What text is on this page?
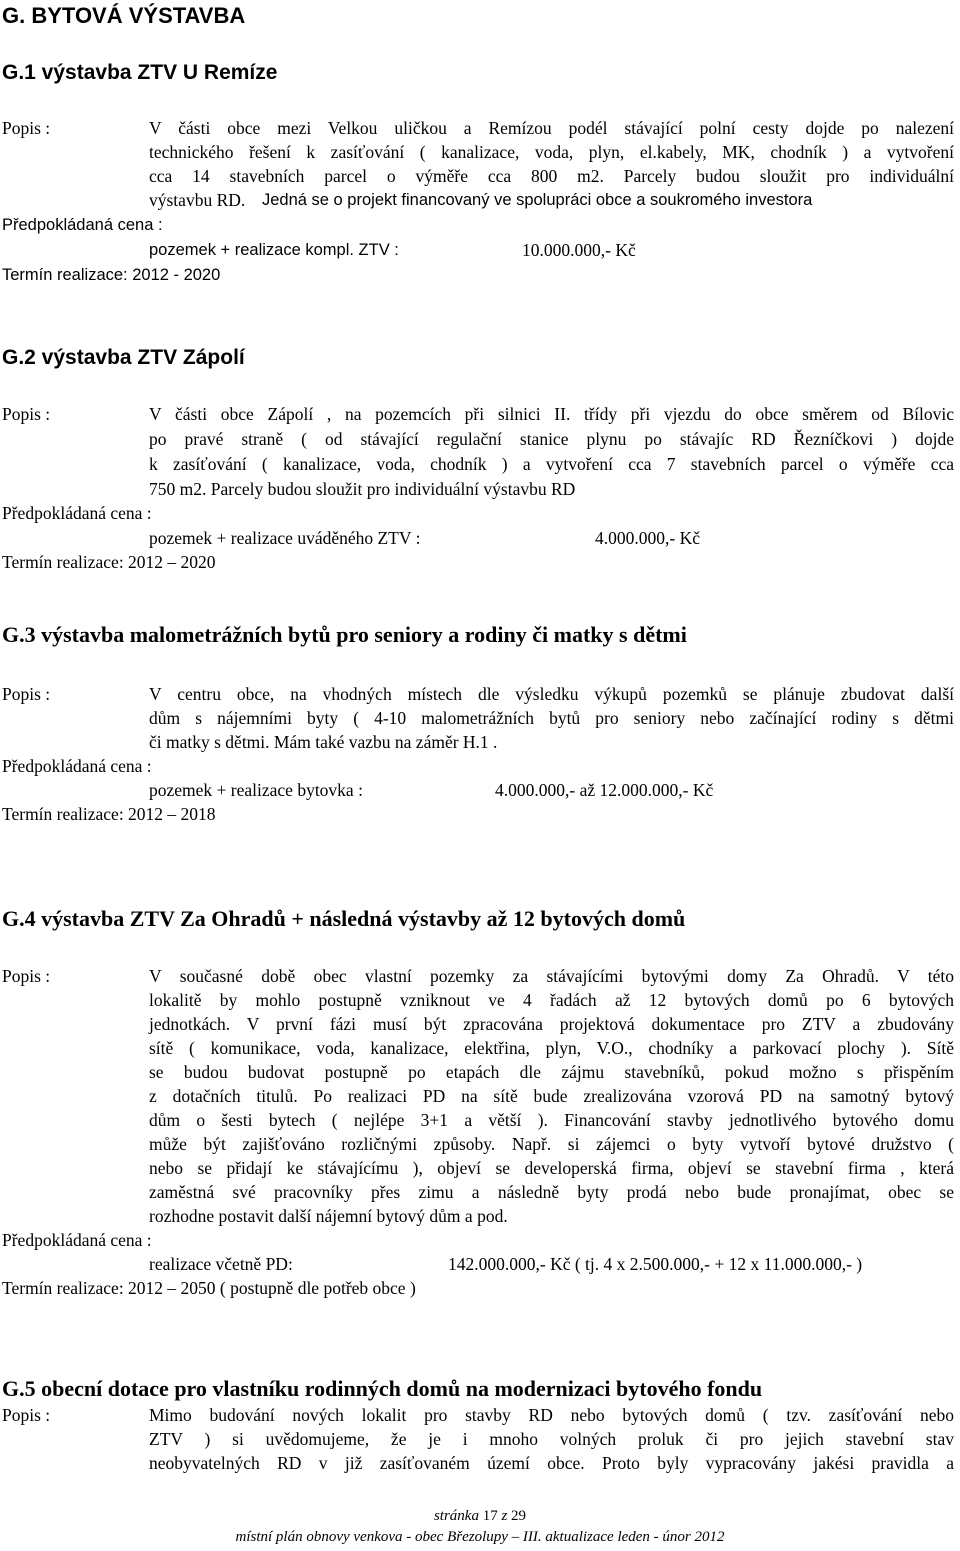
G. BYTOVÁ VÝSTAVBA
G.1 výstavba ZTV U Remíze
Popis :	V části obce mezi Velkou uličkou a Remízou podél stávající polní cesty dojde po nalezení
technického řešení k zasíťování ( kanalizace, voda, plyn, el.kabely, MK, chodník ) a vytvoření
cca 14 stavebních parcel o výměře cca 800 m2. Parcely budou sloužit pro individuální
výstavbu RD. Jedná se o projekt financovaný ve spolupráci obce a soukromého investora
Předpokládaná cena :
pozemek + realizace kompl. ZTV :	10.000.000,- Kč
Termín realizace: 2012 - 2020
G.2 výstavba ZTV Zápolí
Popis :	V části obce Zápolí , na pozemcích při silnici II. třídy při vjezdu do obce směrem od Bílovic
po pravé straně ( od stávající regulační stanice plynu po stávajíc RD Řezníčkovi ) dojde
k zasíťování ( kanalizace, voda, chodník ) a vytvoření cca 7 stavebních parcel o výměře cca
750 m2. Parcely budou sloužit pro individuální výstavbu RD
Předpokládaná cena :
pozemek + realizace uváděného ZTV :	4.000.000,- Kč
Termín realizace: 2012 – 2020
G.3 výstavba malometrážních bytů pro seniory a rodiny či matky s dětmi
Popis :	V centru obce, na vhodných místech dle výsledku výkupů pozemků se plánuje zbudovat další
dům s nájemními byty ( 4-10 malometrážních bytů pro seniory nebo začínající rodiny s dětmi
či matky s dětmi. Mám také vazbu na záměr H.1 .
Předpokládaná cena :
pozemek + realizace bytovka :	4.000.000,- až 12.000.000,- Kč
Termín realizace: 2012 – 2018
G.4 výstavba ZTV Za Ohradů + následná výstavby až 12 bytových domů
Popis :	V současné době obec vlastní pozemky za stávajícími bytovými domy Za Ohradů. V této
lokalitě by mohlo postupně vzniknout ve 4 řadách až 12 bytových domů po 6 bytových
jednotkách. V první fázi musí být zpracována projektová dokumentace pro ZTV a zbudovány
sítě ( komunikace, voda, kanalizace, elektřina, plyn, V.O., chodníky a parkovací plochy ). Sítě
se budou budovat postupně po etapách dle zájmu stavebníků, pokud možno s přispěním
z dotačních titulů. Po realizaci PD na sítě bude zrealizována vzorová PD na samotný bytový
dům o šesti bytech ( nejlépe 3+1 a větší ). Financování stavby jednotlivého bytového domu
může být zajišťováno rozličnými způsoby. Např. si zájemci o byty vytvoří bytové družstvo (
nebo se přidají ke stávajícímu ), objeví se developerská firma, objeví se stavební firma , která
zaměstná své pracovníky přes zimu a následně byty prodá nebo bude pronajímat, obec se
rozhodne postavit další nájemní bytový dům a pod.
Předpokládaná cena :
realizace včetně PD:	142.000.000,- Kč ( tj. 4 x 2.500.000,- + 12 x 11.000.000,- )
Termín realizace: 2012 – 2050 ( postupně dle potřeb obce )
G.5 obecní dotace pro vlastníku rodinných domů na modernizaci bytového fondu
Popis :	Mimo budování nových lokalit pro stavby RD nebo bytových domů ( tzv. zasíťování nebo
ZTV ) si uvědomujeme, že je i mnoho volných proluk či pro jejich stavební stav
neobyvatelných RD v již zasíťovaném území obce. Proto byly vypracovány jakési pravidla a
stránka 17 z 29
místní plán obnovy venkova - obec Březolupy – III. aktualizace leden - únor 2012
